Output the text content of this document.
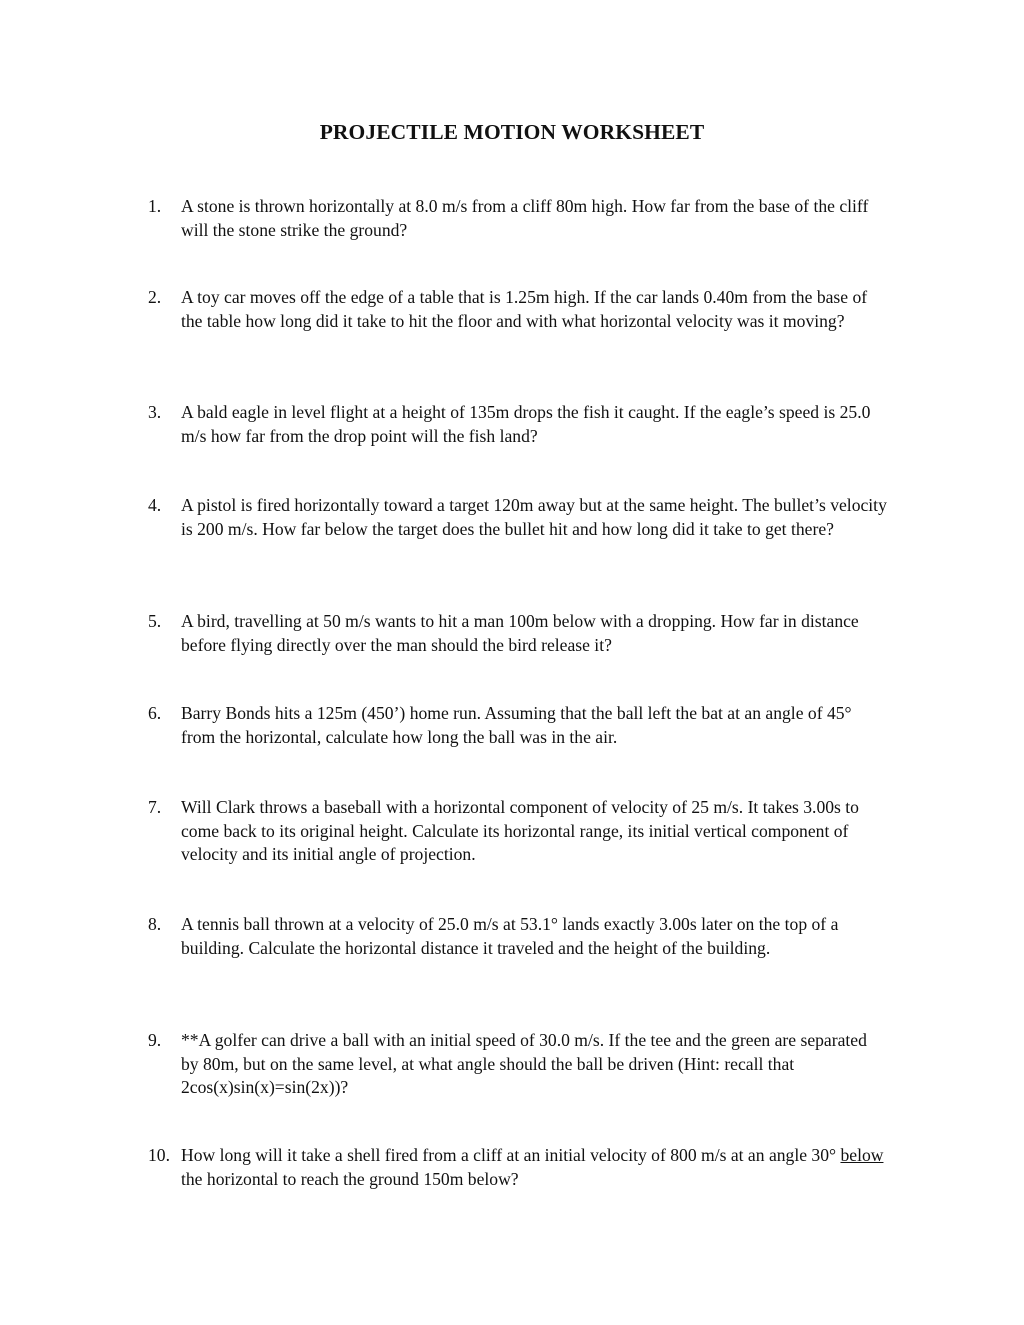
PROJECTILE MOTION WORKSHEET
1.	A stone is thrown horizontally at 8.0 m/s from a cliff 80m high. How far from the base of the cliff will the stone strike the ground?
2.	A toy car moves off the edge of a table that is 1.25m high. If the car lands 0.40m from the base of the table how long did it take to hit the floor and with what horizontal velocity was it moving?
3.	A bald eagle in level flight at a height of 135m drops the fish it caught. If the eagle’s speed is 25.0 m/s how far from the drop point will the fish land?
4.	A pistol is fired horizontally toward a target 120m away but at the same height. The bullet’s velocity is 200 m/s. How far below the target does the bullet hit and how long did it take to get there?
5.	A bird, travelling at 50 m/s wants to hit a man 100m below with a dropping. How far in distance before flying directly over the man should the bird release it?
6.	Barry Bonds hits a 125m (450’) home run. Assuming that the ball left the bat at an angle of 45° from the horizontal, calculate how long the ball was in the air.
7.	Will Clark throws a baseball with a horizontal component of velocity of 25 m/s. It takes 3.00s to come back to its original height. Calculate its horizontal range, its initial vertical component of velocity and its initial angle of projection.
8.	A tennis ball thrown at a velocity of 25.0 m/s at 53.1° lands exactly 3.00s later on the top of a building. Calculate the horizontal distance it traveled and the height of the building.
9.	**A golfer can drive a ball with an initial speed of 30.0 m/s. If the tee and the green are separated by 80m, but on the same level, at what angle should the ball be driven (Hint: recall that 2cos(x)sin(x)=sin(2x))?
10. How long will it take a shell fired from a cliff at an initial velocity of 800 m/s at an angle 30° below the horizontal to reach the ground 150m below?
